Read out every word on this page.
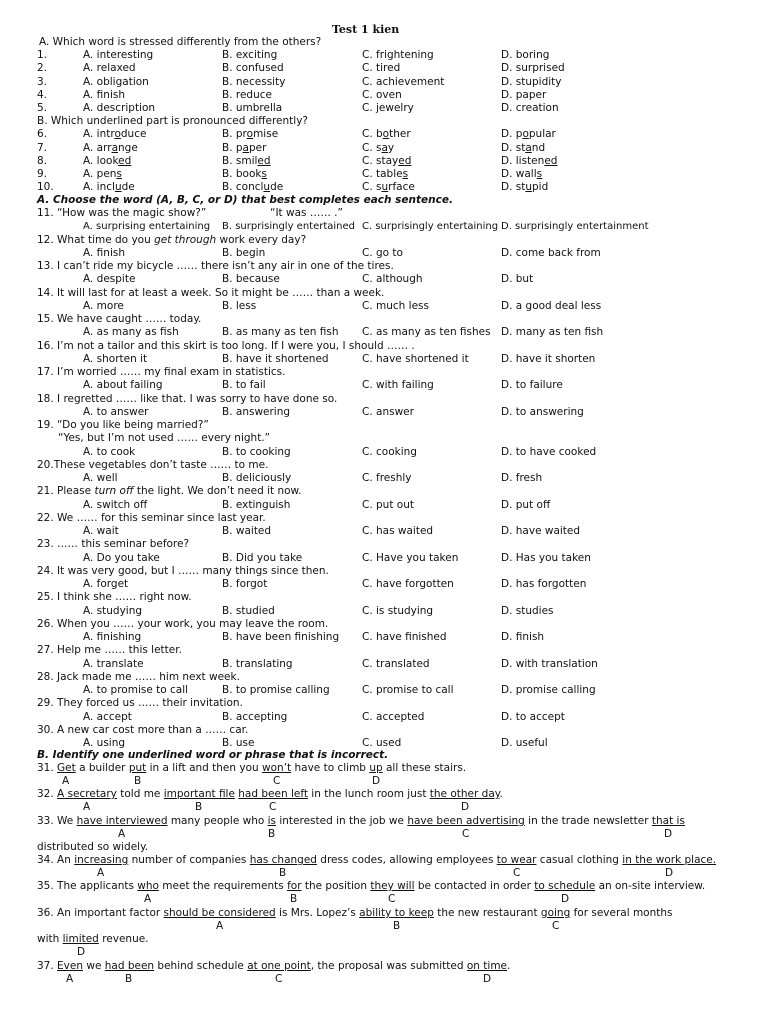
Test 1 kien
A. Which word is stressed differently from the others?
1.	A. interesting	B. exciting	C. frightening	D. boring
2.	A. relaxed	B. confused	C. tired	D. surprised
3.	A. obligation	B. necessity	C. achievement	D. stupidity
4.	A. finish	B. reduce	C. oven	D. paper
5.	A. description	B. umbrella	C. jewelry	D. creation
B. Which underlined part is pronounced differently?
6.	A. introduce	B. promise	C. bother	D. popular
7.	A. arrange	B. paper	C. say	D. stand
8.	A. looked	B. smiled	C. stayed	D. listened
9.	A. pens	B. books	C. tables	D. walls
10.	A. include	B. conclude	C. surface	D. stupid
A. Choose the word (A, B, C, or D) that best completes each sentence.
11. “How was the magic show?”	“It was …… .”
A. surprising entertaining B. surprisingly entertained C. surprisingly entertaining D. surprisingly entertainment
12. What time do you get through work every day?
A. finish	B. begin	C. go to	D. come back from
13. I can’t ride my bicycle …… there isn’t any air in one of the tires.
A. despite	B. because	C. although	D. but
14. It will last for at least a week. So it might be …… than a week.
A. more	B. less	C. much less	D. a good deal less
15. We have caught …… today.
A. as many as fish	B. as many as ten fish C. as many as ten fishes D. many as ten fish
16. I’m not a tailor and this skirt is too long. If I were you, I should …… .
A. shorten it	B. have it shortened	C. have shortened it	D. have it shorten
17. I’m worried …… my final exam in statistics.
A. about failing	B. to fail	C. with failing	D. to failure
18. I regretted …… like that. I was sorry to have done so.
A. to answer	B. answering	C. answer	D. to answering
19. “Do you like being married?”
“Yes, but I’m not used …… every night.”
A. to cook	B. to cooking	C. cooking	D. to have cooked
20.These vegetables don’t taste …… to me.
A. well	B. deliciously	C. freshly	D. fresh
21. Please turn off the light. We don’t need it now.
A. switch off	B. extinguish	C. put out	D. put off
22. We …… for this seminar since last year.
A. wait	B. waited	C. has waited	D. have waited
23. …… this seminar before?
A. Do you take	B. Did you take	C. Have you taken	D. Has you taken
24. It was very good, but I …… many things since then.
A. forget	B. forgot	C. have forgotten	D. has forgotten
25. I think she …… right now.
A. studying	B. studied	C. is studying	D. studies
26. When you …… your work, you may leave the room.
A. finishing	B. have been finishing C. have finished	D. finish
27. Help me …… this letter.
A. translate	B. translating	C. translated	D. with translation
28. Jack made me …… him next week.
A. to promise to call	B. to promise calling	C. promise to call	D. promise calling
29. They forced us …… their invitation.
A. accept	B. accepting	C. accepted	D. to accept
30. A new car cost more than a …… car.
A. using	B. use	C. used	D. useful
B. Identify one underlined word or phrase that is incorrect.
31. Get a builder put in a lift and then you won’t have to climb up all these stairs.
A	B	C	D
32. A secretary told me important file had been left in the lunch room just the other day.
A	B	C	D
33. We have interviewed many people who is interested in the job we have been advertising in the trade newsletter that is
A	B	C	D
distributed so widely.
34. An increasing number of companies has changed dress codes, allowing employees to wear casual clothing in the work place.
A	B	C	D
35. The applicants who meet the requirements for the position they will be contacted in order to schedule an on-site interview.
A	B	C	D
36. An important factor should be considered is Mrs. Lopez’s ability to keep the new restaurant going for several months
A	B	C
with limited revenue.
D
37. Even we had been behind schedule at one point, the proposal was submitted on time.
A	B	C	D
